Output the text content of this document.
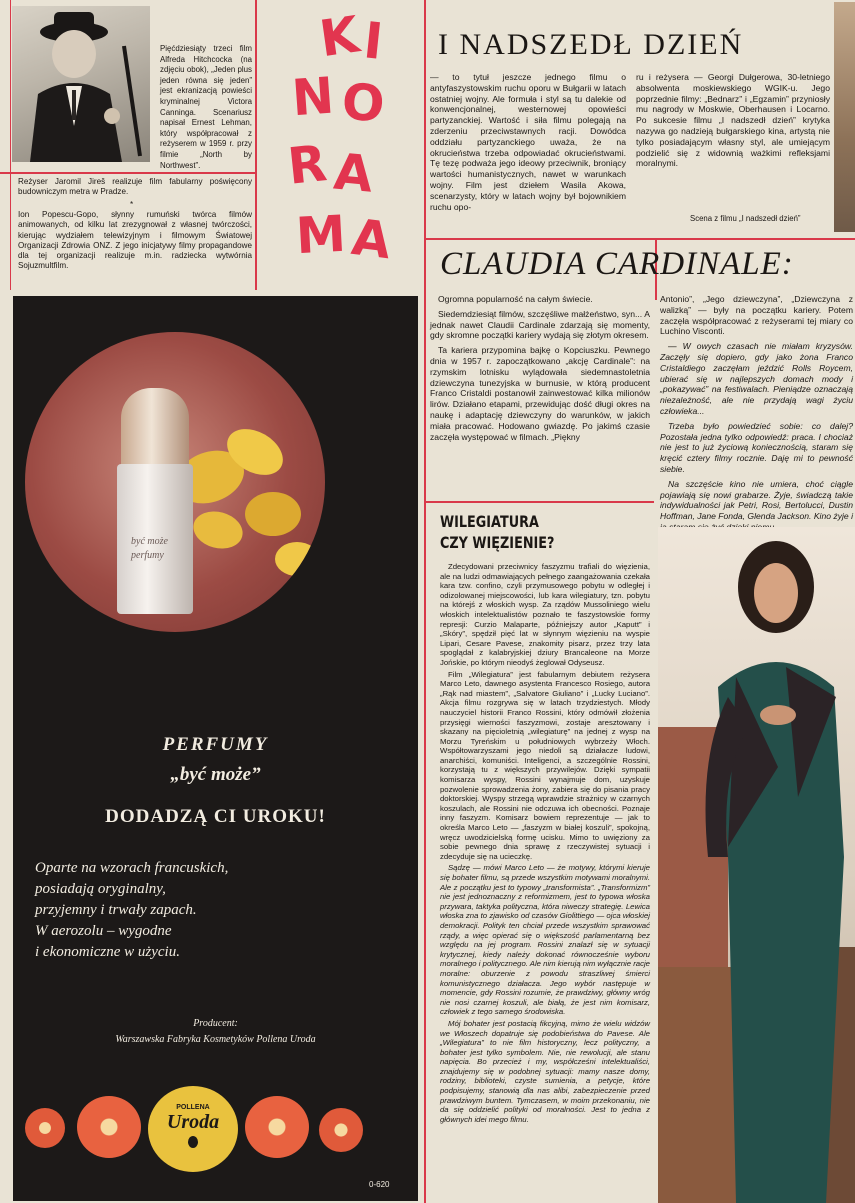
Pięćdziesiąty trzeci film Alfreda Hitchcocka (na zdjęciu obok), „Jeden plus jeden równa się jeden” jest ekranizacją powieści kryminalnej Victora Canninga. Scenariusz napisał Ernest Lehman, który współpracował z reżyserem w 1959 r. przy filmie „North by Northwest”.
Reżyser Jaromil Jireš realizuje film fabularny poświęcony budowniczym metra w Pradze.
*
Ion Popescu-Gopo, słynny rumuński twórca filmów animowanych, od kilku lat zrezygnował z własnej twórczości, kierując wydziałem telewizyjnym i filmowym Światowej Organizacji Zdrowia ONZ. Z jego inicjatywy filmy propagandowe dla tej organizacji realizuje m.in. radziecka wytwórnia Sojuzmultfilm.
K I
N O
R A
M A
I NADSZEDŁ DZIEŃ
— to tytuł jeszcze jednego filmu o antyfaszystowskim ruchu oporu w Bułgarii w latach ostatniej wojny. Ale formuła i styl są tu dalekie od konwencjonalnej, westernowej opowieści partyzanckiej. Wartość i siła filmu polegają na zderzeniu przeciwstawnych racji. Dowódca oddziału partyzanckiego uważa, że na okrucieństwa trzeba odpowiadać okrucieństwami. Tę tezę podważa jego ideowy przeciwnik, broniący wartości humanistycznych, nawet w warunkach wojny. Film jest dziełem Wasila Akowa, scenarzysty, który w latach wojny był bojownikiem ruchu opo-
ru i reżysera — Georgi Dułgerowa, 30-letniego absolwenta moskiewskiego WGIK-u. Jego poprzednie filmy: „Bednarz” i „Egzamin” przyniosły mu nagrody w Moskwie, Oberhausen i Locarno. Po sukcesie filmu „I nadszedł dzień” krytyka nazywa go nadzieją bułgarskiego kina, artystą nie tylko posiadającym własny styl, ale umiejącym podzielić się z widownią ważkimi refleksjami moralnymi.
Scena z filmu „I nadszedł dzień”
CLAUDIA CARDINALE:

Ogromna popularność na całym świecie.

Siedemdziesiąt filmów, szczęśliwe małżeństwo, syn... A jednak nawet Claudii Cardinale zdarzają się momenty, gdy skromne początki kariery wydają się złotym okresem.

Ta kariera przypomina bajkę o Kopciuszku. Pewnego dnia w 1957 r. zapoczątkowano „akcję Cardinale”: na rzymskim lotnisku wylądowała siedemnastoletnia dziewczyna tunezyjska w burnusie, w którą producent Franco Cristaldi postanowił zainwestować kilka milionów lirów. Działano etapami, przewidując dość długi okres na naukę i adaptację dziewczyny do warunków, w jakich miała pracować. Hodowano gwiazdę. Po jakimś czasie zaczęła występować w filmach. „Piękny

Antonio”, „Jego dziewczyna”, „Dziewczyna z walizką” — były na początku kariery. Potem zaczęła współpracować z reżyserami tej miary co Luchino Visconti.

— W owych czasach nie miałam kryzysów. Zaczęły się dopiero, gdy jako żona Franco Cristaldiego zaczęłam jeździć Rolls Roycem, ubierać się w najlepszych domach mody i „pokazywać” na festiwalach. Pieniądze oznaczają niezależność, ale nie przydają wagi życiu człowieka...

Trzeba było powiedzieć sobie: co dalej? Pozostała jedna tylko odpowiedź: praca. I chociaż nie jest to już życiową koniecznością, staram się kręcić cztery filmy rocznie. Daję mi to pewność siebie.

Na szczęście kino nie umiera, choć ciągle pojawiają się nowi grabarze. Żyje, świadczą takie indywidualności jak Petri, Rosi, Bertolucci, Dustin Hoffman, Jane Fonda, Glenda Jackson. Kino żyje i

WILEGIATURA
CZY WIĘZIENIE?

Zdecydowani przeciwnicy faszyzmu trafiali do więzienia, ale na ludzi odmawiających pełnego zaangażowania czekała kara tzw. confino, czyli przymusowego pobytu w odległej i odizolowanej miejscowości, lub kara wilegiatury, tzn. pobytu na którejś z włoskich wysp. Za rządów Mussoliniego wielu włoskich intelektualistów poznało te faszystowskie formy represji: Curzio Malaparte, późniejszy autor „Kaputt” i „Skóry”, spędził pięć lat w słynnym więzieniu na wyspie Lipari, Cesare Pavese, znakomity pisarz, przez trzy lata spoglądał z kalabryjskiej dziury Brancaleone na Morze Jońskie, po którym nieodyś żeglował Odyseusz.

Film „Wilegiatura” jest fabularnym debiutem reżysera Marco Leto, dawnego asystenta Francesco Rosiego, autora „Rąk nad miastem”, „Salvatore Giuliano” i „Lucky Luciano”. Akcja filmu rozgrywa się w latach trzydziestych. Młody nauczyciel historii Franco Rossini, który odmówił złożenia przysięgi wierności faszyzmowi, zostaje aresztowany i skazany na pięcioletnią „wilegiaturę” na jednej z wysp na Morzu Tyreńskim u południowych wybrzeży Włoch. Współtowarzyszami jego niedoli są działacze ludowi, anarchiści, komuniści. Inteligenci, a szczególnie Rossini, korzystają tu z większych przywilejów. Dzięki sympatii komisarza wyspy, Rossini wynajmuje dom, uzyskuje pozwolenie sprowadzenia żony, zabiera się do pisania pracy doktorskiej. Wyspy strzegą wprawdzie strażnicy w czarnych koszulach, ale Rossini nie odczuwa ich obecności. Poznaje inny faszyzm. Komisarz bowiem reprezentuje — jak to określa Marco Leto — „faszyzm w białej koszuli”, spokojną, wręcz uwodzicielską formę ucisku. Mimo to uwięziony za sobie pewnego dnia sprawę z rzeczywistej sytuacji i zdecyduje się na ucieczkę.

Sądzę — mówi Marco Leto — że motywy, którymi kieruje się bohater filmu, są przede wszystkim motywami moralnymi. Ale z początku jest to typowy „transformista”. „Transformizm” nie jest jednoznaczny z reformizmem, jest to typowa włoska przywara, taktyka polityczna, która niweczy strategię. Lewica włoska zna to zjawisko od czasów Giolittiego — ojca włoskiej demokracji. Polityk ten chciał przede wszystkim sprawować rządy, a więc opierać się o większość parlamentarną bez względu na jej program. Rossini znalazł się w sytuacji krytycznej, kiedy należy dokonać równocześnie wyboru moralnego i politycznego. Ale nim kierują nim wyłącznie racje moralne: oburzenie z powodu straszliwej śmierci komunistycznego działacza. Jego wybór następuje w momencie, gdy Rossini rozumie, że prawdziwy, główny wróg nie nosi czarnej koszuli, ale białą, że jest nim komisarz, człowiek z tego samego środowiska.

Mój bohater jest postacią fikcyjną, mimo że wielu widzów we Włoszech dopatruje się podobieństwa do Pavese. Ale „Wilegiatura” to nie film historyczny, lecz polityczny, a bohater jest tylko symbolem. Nie, nie rewolucji, ale stanu napięcia. Bo przecież i my, współcześni intelektualiści, znajdujemy się w podobnej sytuacji: mamy nasze domy, rodziny, biblioteki, czyste sumienia, a petycje, które podpisujemy, stanowią dla nas alibi, zabezpieczenie przed prawdziwym buntem. Tymczasem, w moim przekonaniu, nie da się oddzielić polityki od moralności. Jest to jedna z głównych idei mego filmu.

być może
perfumy
PERFUMY
„być może”
DODADZĄ CI UROKU!
Oparte na wzorach francuskich,
posiadają oryginalny,
przyjemny i trwały zapach.
W aerozolu – wygodne
i ekonomiczne w użyciu.
Producent:
Warszawska Fabryka Kosmetyków Pollena Uroda
POLLENA
Uroda
0-620
